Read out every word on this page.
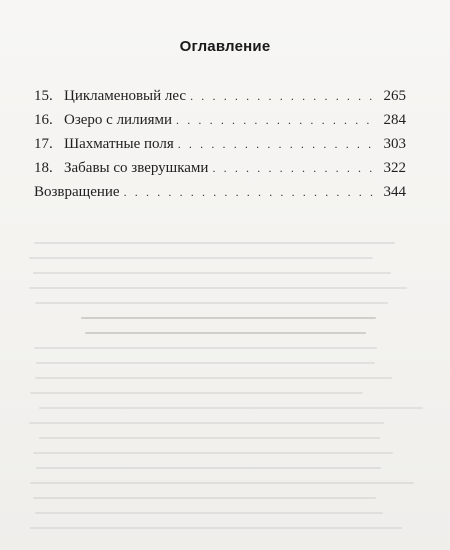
Оглавление
15. Цикламеновый лес . . .	265
16. Озеро с лилиями . . .	284
17. Шахматные поля . . .	303
18. Забавы со зверушками . . .	322
Возвращение . . .	344
